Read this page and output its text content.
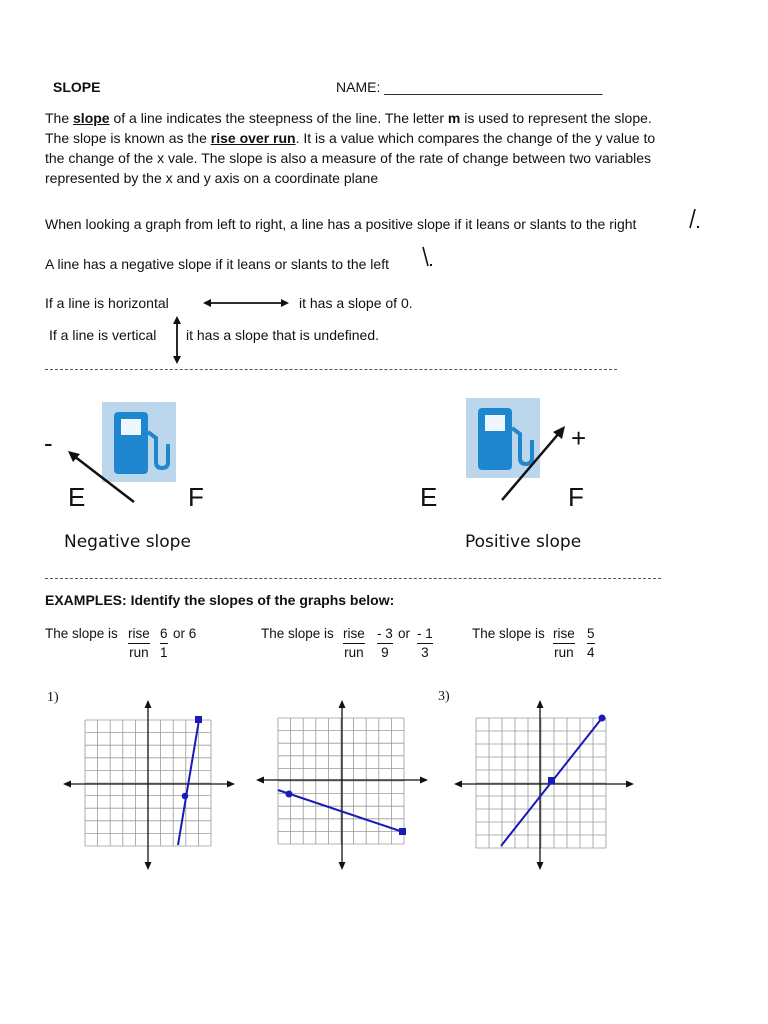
SLOPE	NAME: ____________________________
The slope of a line indicates the steepness of the line. The letter m is used to represent the slope.
The slope is known as the rise over run. It is a value which compares the change of the y value to
the change of the x vale. The slope is also a measure of the rate of change between two variables
represented by the x and y axis on a coordinate plane
When looking a graph from left to right, a line has a positive slope if it leans or slants to the right
A line has a negative slope if it leans or slants to the left
If a line is horizontal	it has a slope of 0.
If a line is vertical it has a slope that is undefined.
-
E	F
Negative slope
+
E	F
Positive slope
EXAMPLES: Identify the slopes of the graphs below:
The slope is rise
run $\frac{6}{1}$ or 6	The slope is rise
run $\frac{- 3}{9}$ or $\frac{- 1}{3}$	The slope is rise
run $\frac{5}{4}$
1)	3)
